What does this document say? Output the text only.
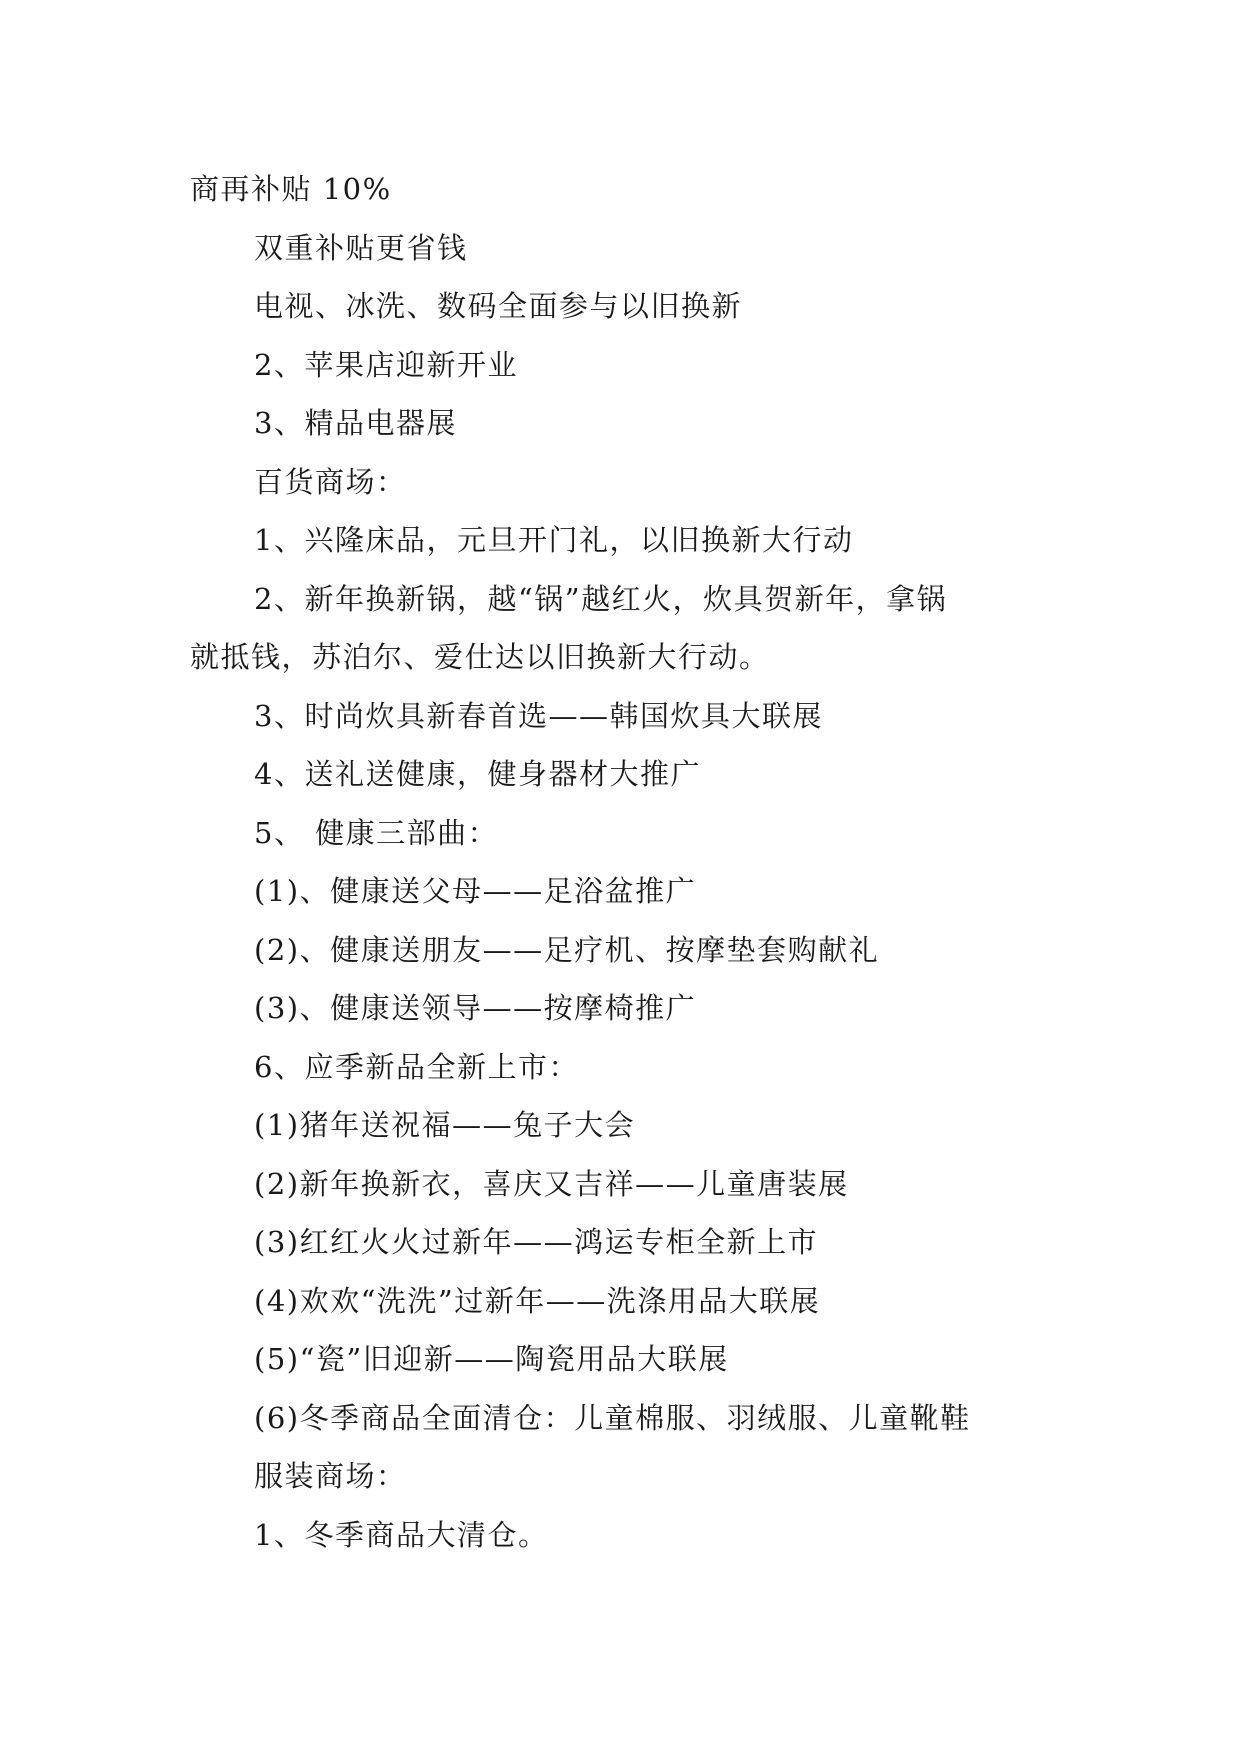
商再补贴 10%
双重补贴更省钱
电视、冰洗、数码全面参与以旧换新
2、苹果店迎新开业
3、精品电器展
百货商场：
1、兴隆床品，元旦开门礼，以旧换新大行动
2、新年换新锅，越“锅”越红火，炊具贺新年，拿锅
就抵钱，苏泊尔、爱仕达以旧换新大行动。
3、时尚炊具新春首选——韩国炊具大联展
4、送礼送健康，健身器材大推广
5、 健康三部曲：
(1)、健康送父母——足浴盆推广
(2)、健康送朋友——足疗机、按摩垫套购献礼
(3)、健康送领导——按摩椅推广
6、应季新品全新上市：
(1)猪年送祝福——兔子大会
(2)新年换新衣，喜庆又吉祥——儿童唐装展
(3)红红火火过新年——鸿运专柜全新上市
(4)欢欢“洗洗”过新年——洗涤用品大联展
(5)“瓷”旧迎新——陶瓷用品大联展
(6)冬季商品全面清仓：儿童棉服、羽绒服、儿童靴鞋
服装商场：
1、冬季商品大清仓。
